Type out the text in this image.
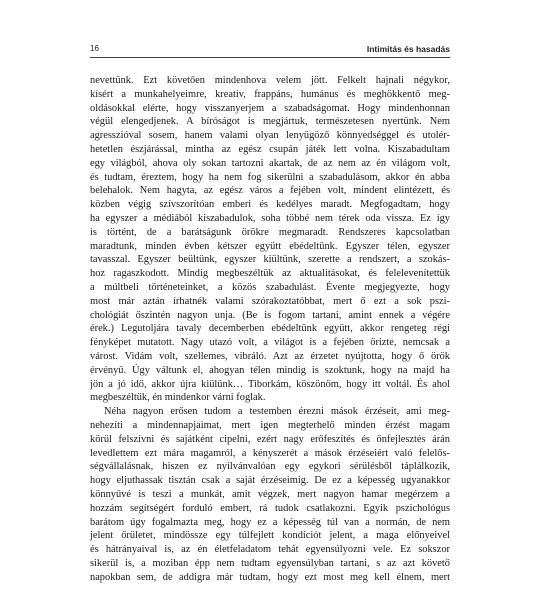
16	Intimitás és hasadás
nevettünk. Ezt követően mindenhova velem jött. Felkelt hajnali négykor,
kísért a munkahelyeimre, kreatív, frappáns, humánus és meghökkentő meg-
oldásokkal elérte, hogy visszanyerjem a szabadságomat. Hogy mindenhonnan
végül elengedjenek. A bíróságot is megjártuk, természetesen nyertünk. Nem
agresszióval sosem, hanem valami olyan lenyűgöző könnyedséggel és utolér-
hetetlen észjárással, mintha az egész csupán játék lett volna. Kiszabadultam
egy világból, ahova oly sokan tartozni akartak, de az nem az én világom volt,
és tudtam, éreztem, hogy ha nem fog sikerülni a szabadulásom, akkor én abba
belehalok. Nem hagyta, az egész város a fejében volt, mindent elintézett, és
közben végig szívszorítóan emberi és kedélyes maradt. Megfogadtam, hogy
ha egyszer a médiából kiszabadulok, soha többé nem térek oda vissza. Ez így
is történt, de a barátságunk örökre megmaradt. Rendszeres kapcsolatban
maradtunk, minden évben kétszer együtt ebédeltünk. Egyszer télen, egyszer
tavasszal. Egyszer beültünk, egyszer kiültünk, szerette a rendszert, a szokás-
hoz ragaszkodott. Mindig megbeszéltük az aktualitásokat, és felelevenítettük
a múltbeli történeteinket, a közös szabadulást. Évente megjegyezte, hogy
most már aztán írhatnék valami szórakoztatóbbat, mert ő ezt a sok pszi-
chológiát őszintén nagyon unja. (Be is fogom tartani, amint ennek a végére
érek.) Legutoljára tavaly decemberben ebédeltünk együtt, akkor rengeteg régi
fényképet mutatott. Nagy utazó volt, a világot is a fejében őrizte, nemcsak a
várost. Vidám volt, szellemes, vibráló. Azt az érzetet nyújtotta, hogy ő örök
érvényű. Úgy váltunk el, ahogyan télen mindig is szoktunk, hogy na majd ha
jön a jó idő, akkor újra kiülünk… Tiborkám, köszönöm, hogy itt voltál. És ahol
megbeszéltük, én mindenkor várni foglak.
Néha nagyon erősen tudom a testemben érezni mások érzéseit, ami meg-
nehezíti a mindennapjaimat, mert igen megterhelő minden érzést magam
körül felszívni és sajátként cipelni, ezért nagy erőfeszítés és önfejlesztés árán
levedlettem ezt mára magamról, a kényszerét a mások érzéseiért való felelős-
ségvállalásnak, hiszen ez nyilvánvalóan egy egykori sérülésből táplálkozik,
hogy eljuthassak tisztán csak a saját érzéseimig. De ez a képesség ugyanakkor
könnyűvé is teszi a munkát, amit végzek, mert nagyon hamar megérzem a
hozzám segítségért forduló embert, rá tudok csatlakozni. Egyik pszichológus
barátom úgy fogalmazta meg, hogy ez a képesség túl van a normán, de nem
jelent őrületet, mindössze egy túlfejlett kondíciót jelent, a maga előnyeivel
és hátrányaival is, az én életfeladatom tehát egyensúlyozni vele. Ez sokszor
sikerül is, a moziban épp nem tudtam egyensúlyban tartani, s az azt követő
napokban sem, de addigra már tudtam, hogy ezt most meg kell élnem, mert
